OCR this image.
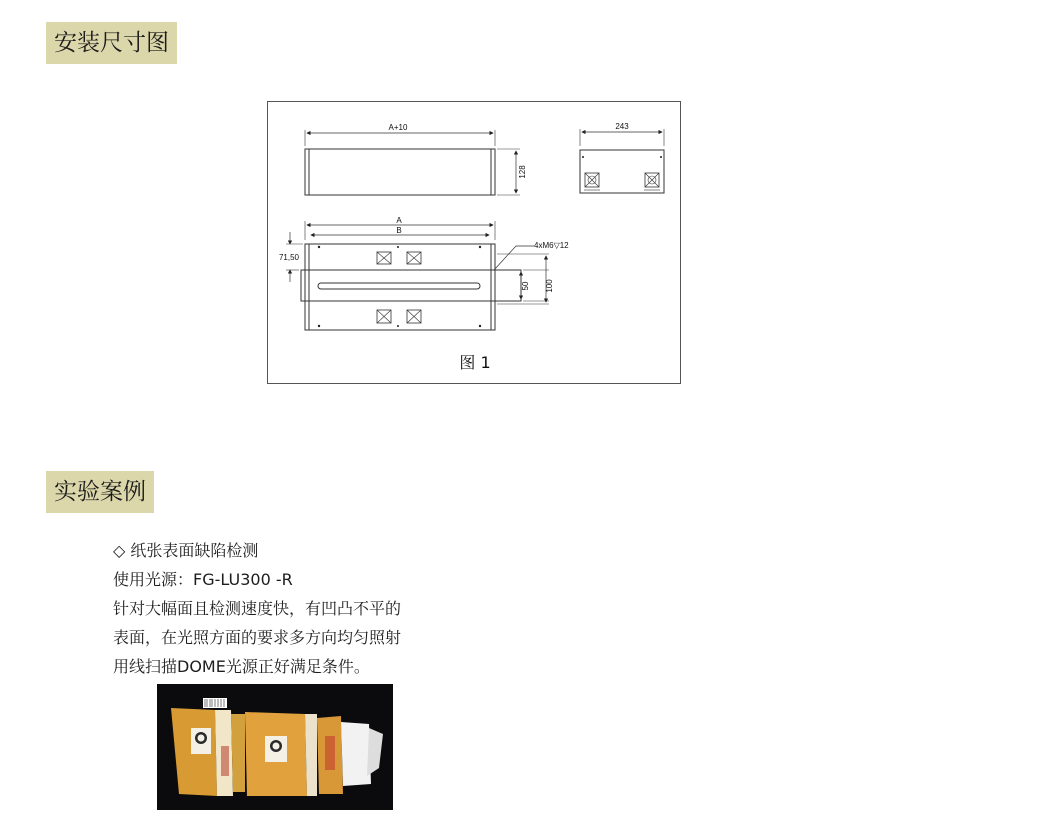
安装尺寸图
A+10
128
243
A
B
71,50
4xM6▽12
50 100
图 1
实验案例
◇ 纸张表面缺陷检测
使用光源：FG-LU300 -R
针对大幅面且检测速度快，有凹凸不平的
表面，在光照方面的要求多方向均匀照射
用线扫描DOME光源正好满足条件。
